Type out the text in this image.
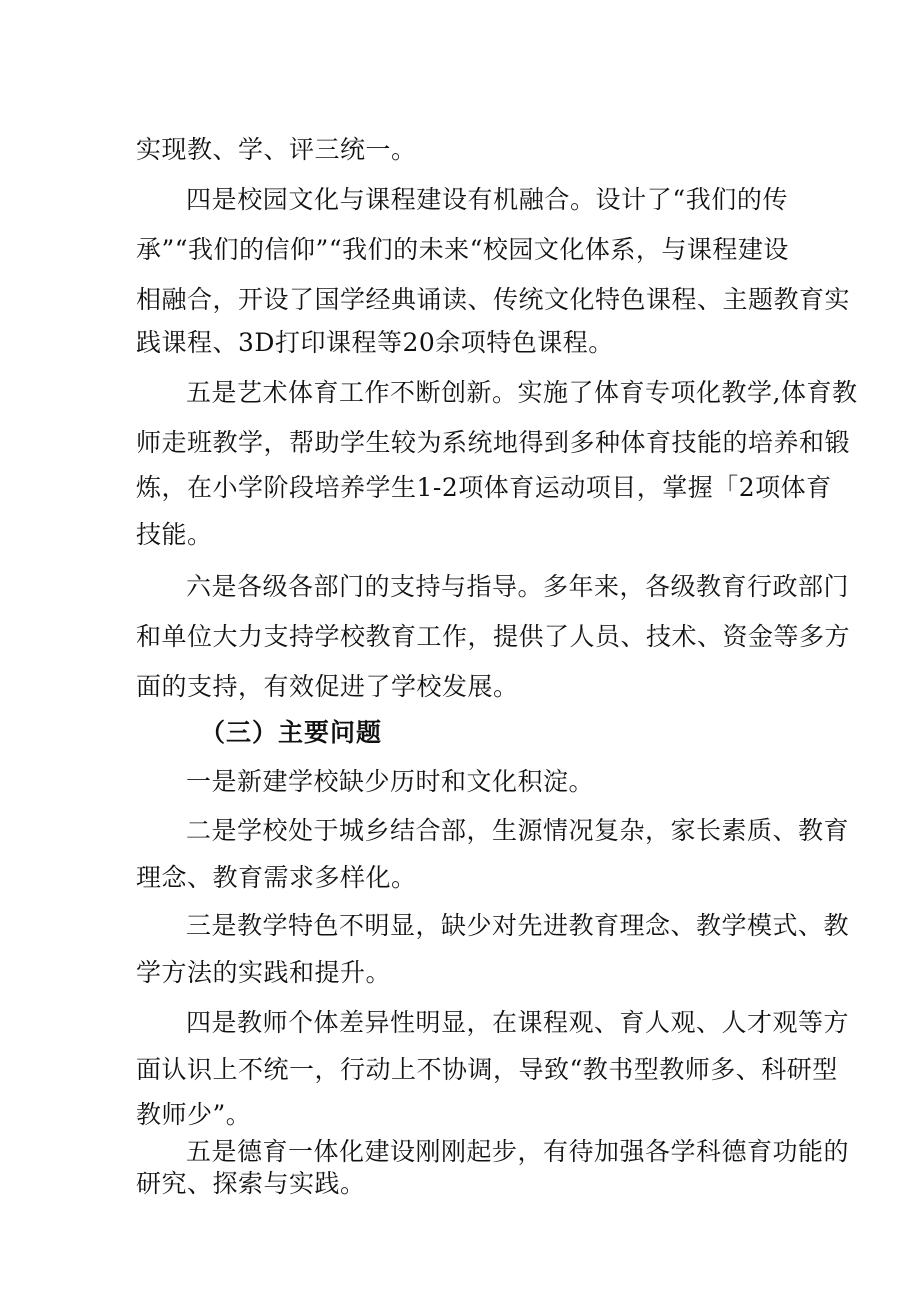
实现教、学、评三统一。
四是校园文化与课程建设有机融合。设计了“我们的传
承”“我们的信仰”“我们的未来“校园文化体系，与课程建设
相融合，开设了国学经典诵读、传统文化特色课程、主题教育实
践课程、3D打印课程等20余项特色课程。
五是艺术体育工作不断创新。实施了体育专项化教学,体育教
师走班教学，帮助学生较为系统地得到多种体育技能的培养和锻
炼，在小学阶段培养学生1-2项体育运动项目，掌握「2项体育
技能。
六是各级各部门的支持与指导。多年来，各级教育行政部门
和单位大力支持学校教育工作，提供了人员、技术、资金等多方
面的支持，有效促进了学校发展。
（三）主要问题
一是新建学校缺少历时和文化积淀。
二是学校处于城乡结合部，生源情况复杂，家长素质、教育
理念、教育需求多样化。
三是教学特色不明显，缺少对先进教育理念、教学模式、教
学方法的实践和提升。
四是教师个体差异性明显，在课程观、育人观、人才观等方
面认识上不统一，行动上不协调，导致“教书型教师多、科研型
教师少”。
五是德育一体化建设刚刚起步，有待加强各学科德育功能的
研究、探索与实践。
